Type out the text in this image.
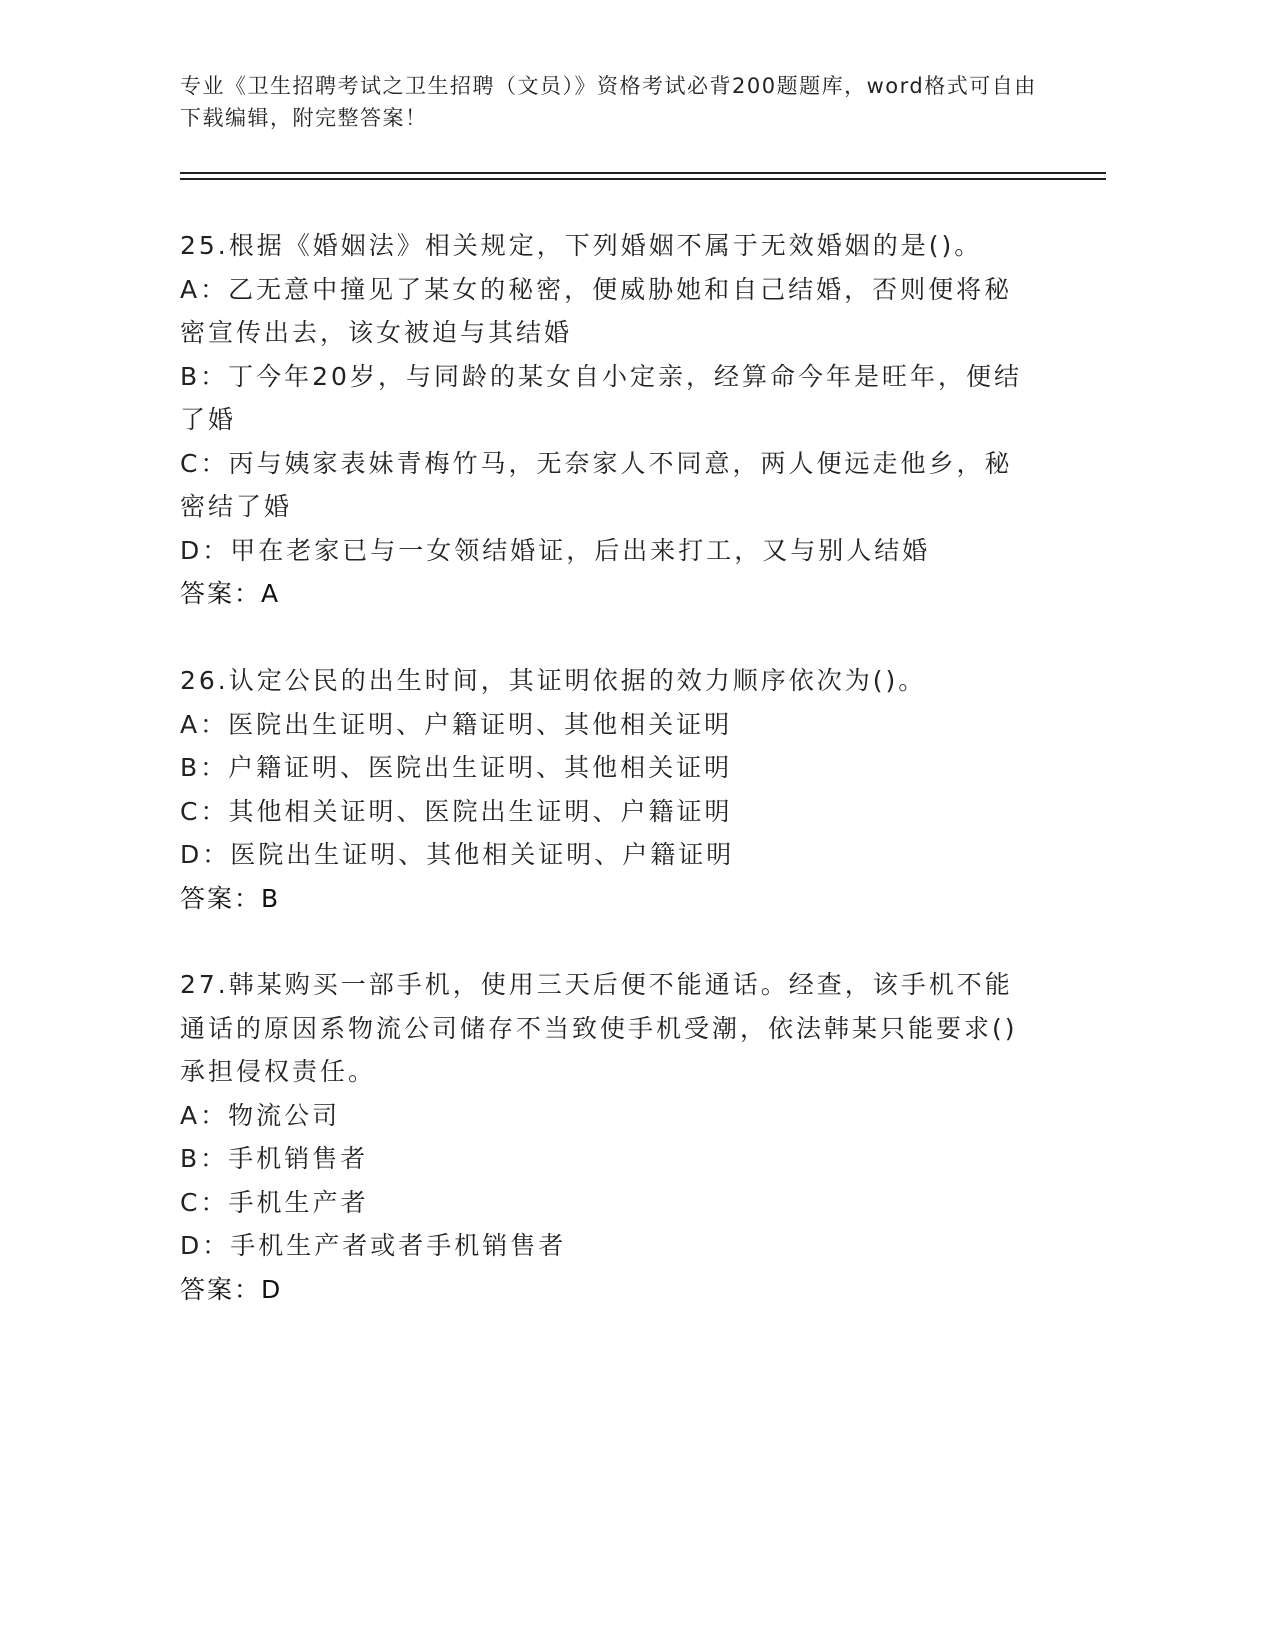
专业《卫生招聘考试之卫生招聘（文员）》资格考试必背200题题库，word格式可自由下载编辑，附完整答案！

25.根据《婚姻法》相关规定，下列婚姻不属于无效婚姻的是()。

A：乙无意中撞见了某女的秘密，便威胁她和自己结婚，否则便将秘密宣传出去，该女被迫与其结婚

B：丁今年20岁，与同龄的某女自小定亲，经算命今年是旺年，便结了婚

C：丙与姨家表妹青梅竹马，无奈家人不同意，两人便远走他乡，秘密结了婚

D：甲在老家已与一女领结婚证，后出来打工，又与别人结婚

答案：A

26.认定公民的出生时间，其证明依据的效力顺序依次为()。

A：医院出生证明、户籍证明、其他相关证明

B：户籍证明、医院出生证明、其他相关证明

C：其他相关证明、医院出生证明、户籍证明

D：医院出生证明、其他相关证明、户籍证明

答案：B

27.韩某购买一部手机，使用三天后便不能通话。经查，该手机不能通话的原因系物流公司储存不当致使手机受潮，依法韩某只能要求()承担侵权责任。

A：物流公司

B：手机销售者

C：手机生产者

D：手机生产者或者手机销售者

答案：D
